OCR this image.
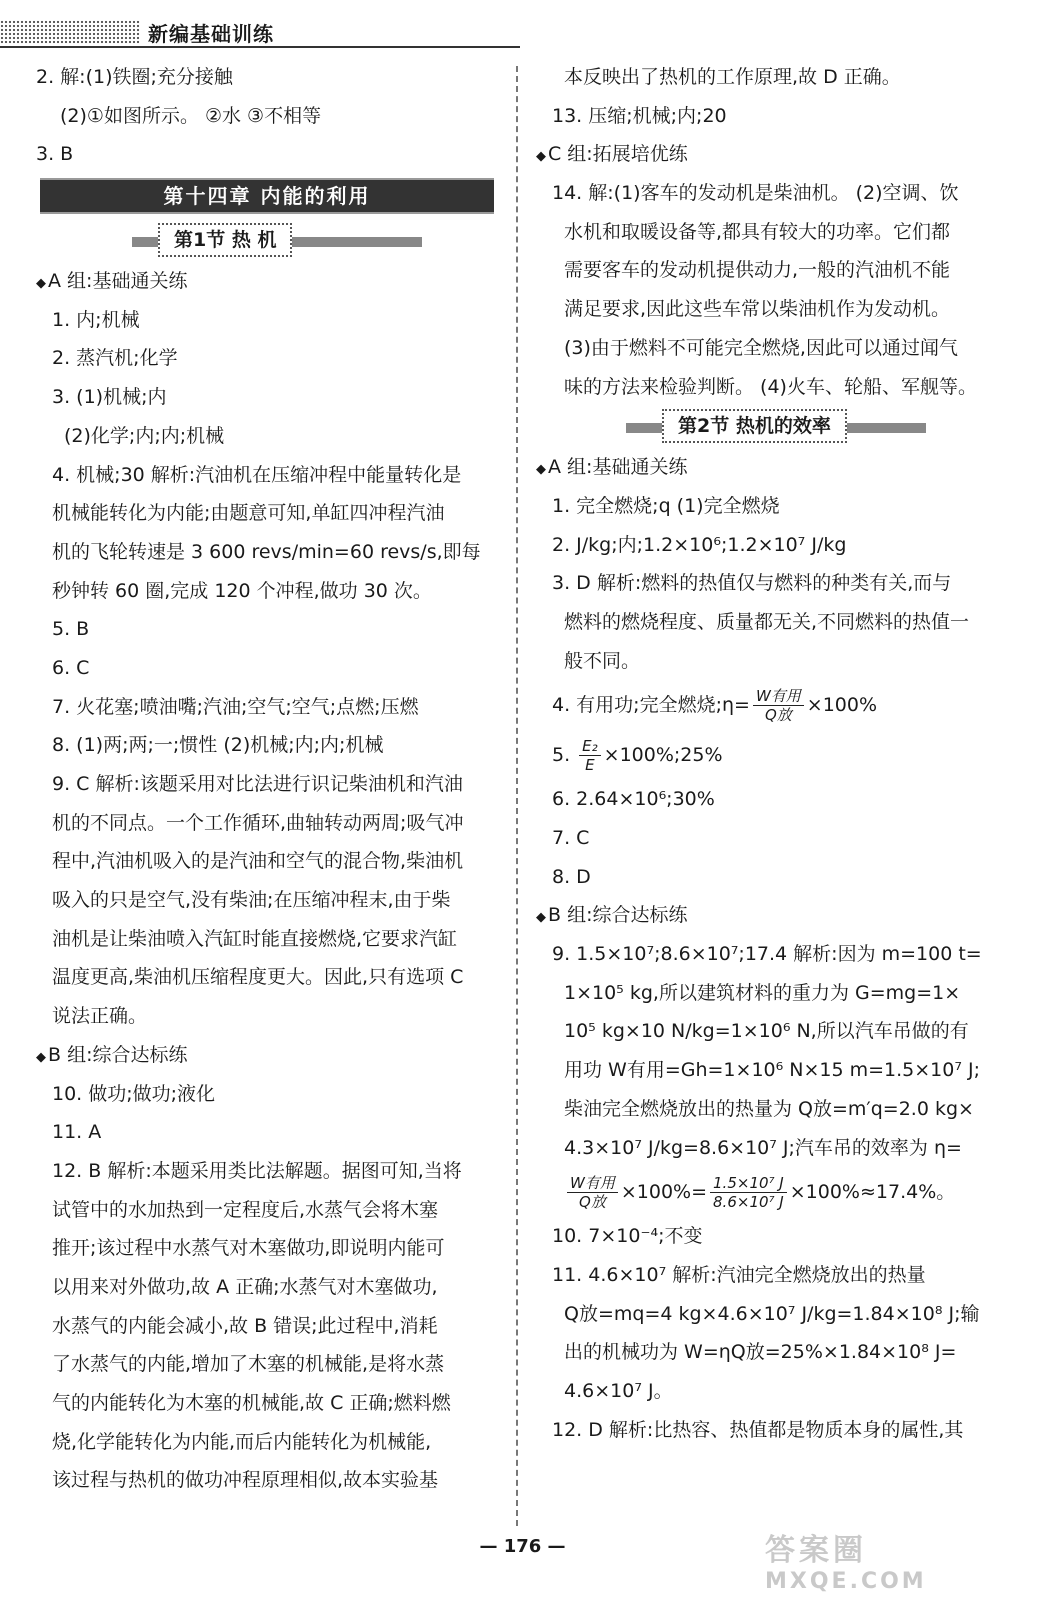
新编基础训练
2. 解:(1)铁圈;充分接触
(2)①如图所示。 ②水 ③不相等
3. B
第十四章 内能的利用
第1节 热 机
◆ A 组:基础通关练
1. 内;机械
2. 蒸汽机;化学
3. (1)机械;内
(2)化学;内;内;机械
4. 机械;30 解析:汽油机在压缩冲程中能量转化是
机械能转化为内能;由题意可知,单缸四冲程汽油
机的飞轮转速是 3 600 revs/min=60 revs/s,即每
秒钟转 60 圈,完成 120 个冲程,做功 30 次。
5. B
6. C
7. 火花塞;喷油嘴;汽油;空气;空气;点燃;压燃
8. (1)两;两;一;惯性 (2)机械;内;内;机械
9. C 解析:该题采用对比法进行识记柴油机和汽油
机的不同点。一个工作循环,曲轴转动两周;吸气冲
程中,汽油机吸入的是汽油和空气的混合物,柴油机
吸入的只是空气,没有柴油;在压缩冲程末,由于柴
油机是让柴油喷入汽缸时能直接燃烧,它要求汽缸
温度更高,柴油机压缩程度更大。因此,只有选项 C
说法正确。
◆ B 组:综合达标练
10. 做功;做功;液化
11. A
12. B 解析:本题采用类比法解题。据图可知,当将
试管中的水加热到一定程度后,水蒸气会将木塞
推开;该过程中水蒸气对木塞做功,即说明内能可
以用来对外做功,故 A 正确;水蒸气对木塞做功,
水蒸气的内能会减小,故 B 错误;此过程中,消耗
了水蒸气的内能,增加了木塞的机械能,是将水蒸
气的内能转化为木塞的机械能,故 C 正确;燃料燃
烧,化学能转化为内能,而后内能转化为机械能,
该过程与热机的做功冲程原理相似,故本实验基
本反映出了热机的工作原理,故 D 正确。
13. 压缩;机械;内;20
◆ C 组:拓展培优练
14. 解:(1)客车的发动机是柴油机。 (2)空调、饮
水机和取暖设备等,都具有较大的功率。它们都
需要客车的发动机提供动力,一般的汽油机不能
满足要求,因此这些车常以柴油机作为发动机。
(3)由于燃料不可能完全燃烧,因此可以通过闻气
味的方法来检验判断。 (4)火车、轮船、军舰等。
第2节 热机的效率
◆ A 组:基础通关练
1. 完全燃烧;q (1)完全燃烧
2. J/kg;内;1.2×10⁶;1.2×10⁷ J/kg
3. D 解析:燃料的热值仅与燃料的种类有关,而与
燃料的燃烧程度、质量都无关,不同燃料的热值一
般不同。
4. 有用功;完全燃烧;η= $\frac{\text{W有用}}{\text{Q放}} \times 100\%$
5. $\frac{\text{E₂}}{E}$ ×100%;25%
6. 2.64×10⁶;30%
7. C
8. D
◆ B 组:综合达标练
9. 1.5×10⁷;8.6×10⁷;17.4 解析:因为 m=100 t=
1×10⁵ kg,所以建筑材料的重力为 G=mg=1×
10⁵ kg×10 N/kg=1×10⁶ N,所以汽车吊做的有
用功 W有用=Gh=1×10⁶ N×15 m=1.5×10⁷ J;
柴油完全燃烧放出的热量为 Q放=m′q=2.0 kg×
4.3×10⁷ J/kg=8.6×10⁷ J;汽车吊的效率为 η=
$\frac{\text{W有用}}{\text{Q放}} \times 100\%= \frac{\text{1.5×10⁷ J}}{\text{8.6×10⁷ J}} \times 100\%\approx 17.4\%$。
10. 7×10⁻⁴;不变
11. 4.6×10⁷ 解析:汽油完全燃烧放出的热量
Q放=mq=4 kg×4.6×10⁷ J/kg=1.84×10⁸ J;输
出的机械功为 W=ηQ放=25%×1.84×10⁸ J=
4.6×10⁷ J。
12. D 解析:比热容、热值都是物质本身的属性,其
— 176 —	答案圈
MXQE.COM
